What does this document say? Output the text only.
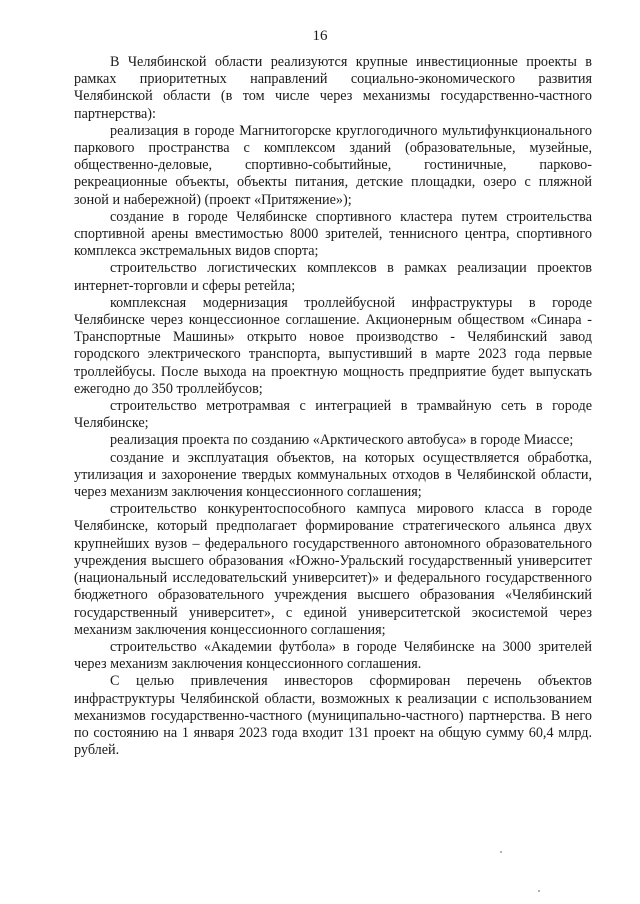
16

В Челябинской области реализуются крупные инвестиционные проекты в рамках приоритетных направлений социально-экономического развития Челябинской области (в том числе через механизмы государственно-частного партнерства):

реализация в городе Магнитогорске круглогодичного мультифункционального паркового пространства с комплексом зданий (образовательные, музейные, общественно-деловые, спортивно-событийные, гостиничные, парково-рекреационные объекты, объекты питания, детские площадки, озеро с пляжной зоной и набережной) (проект «Притяжение»);

создание в городе Челябинске спортивного кластера путем строительства спортивной арены вместимостью 8000 зрителей, теннисного центра, спортивного комплекса экстремальных видов спорта;

строительство логистических комплексов в рамках реализации проектов интернет-торговли и сферы ретейла;

комплексная модернизация троллейбусной инфраструктуры в городе Челябинске через концессионное соглашение. Акционерным обществом «Синара - Транспортные Машины» открыто новое производство - Челябинский завод городского электрического транспорта, выпустивший в марте 2023 года первые троллейбусы. После выхода на проектную мощность предприятие будет выпускать ежегодно до 350 троллейбусов;

строительство метротрамвая с интеграцией в трамвайную сеть в городе Челябинске;

реализация проекта по созданию «Арктического автобуса» в городе Миассе;

создание и эксплуатация объектов, на которых осуществляется обработка, утилизация и захоронение твердых коммунальных отходов в Челябинской области, через механизм заключения концессионного соглашения;

строительство конкурентоспособного кампуса мирового класса в городе Челябинске, который предполагает формирование стратегического альянса двух крупнейших вузов – федерального государственного автономного образовательного учреждения высшего образования «Южно-Уральский государственный университет (национальный исследовательский университет)» и федерального государственного бюджетного образовательного учреждения высшего образования «Челябинский государственный университет», с единой университетской экосистемой через механизм заключения концессионного соглашения;

строительство «Академии футбола» в городе Челябинске на 3000 зрителей через механизм заключения концессионного соглашения.

С целью привлечения инвесторов сформирован перечень объектов инфраструктуры Челябинской области, возможных к реализации с использованием механизмов государственно-частного (муниципально-частного) партнерства. В него по состоянию на 1 января 2023 года входит 131 проект на общую сумму 60,4 млрд. рублей.
